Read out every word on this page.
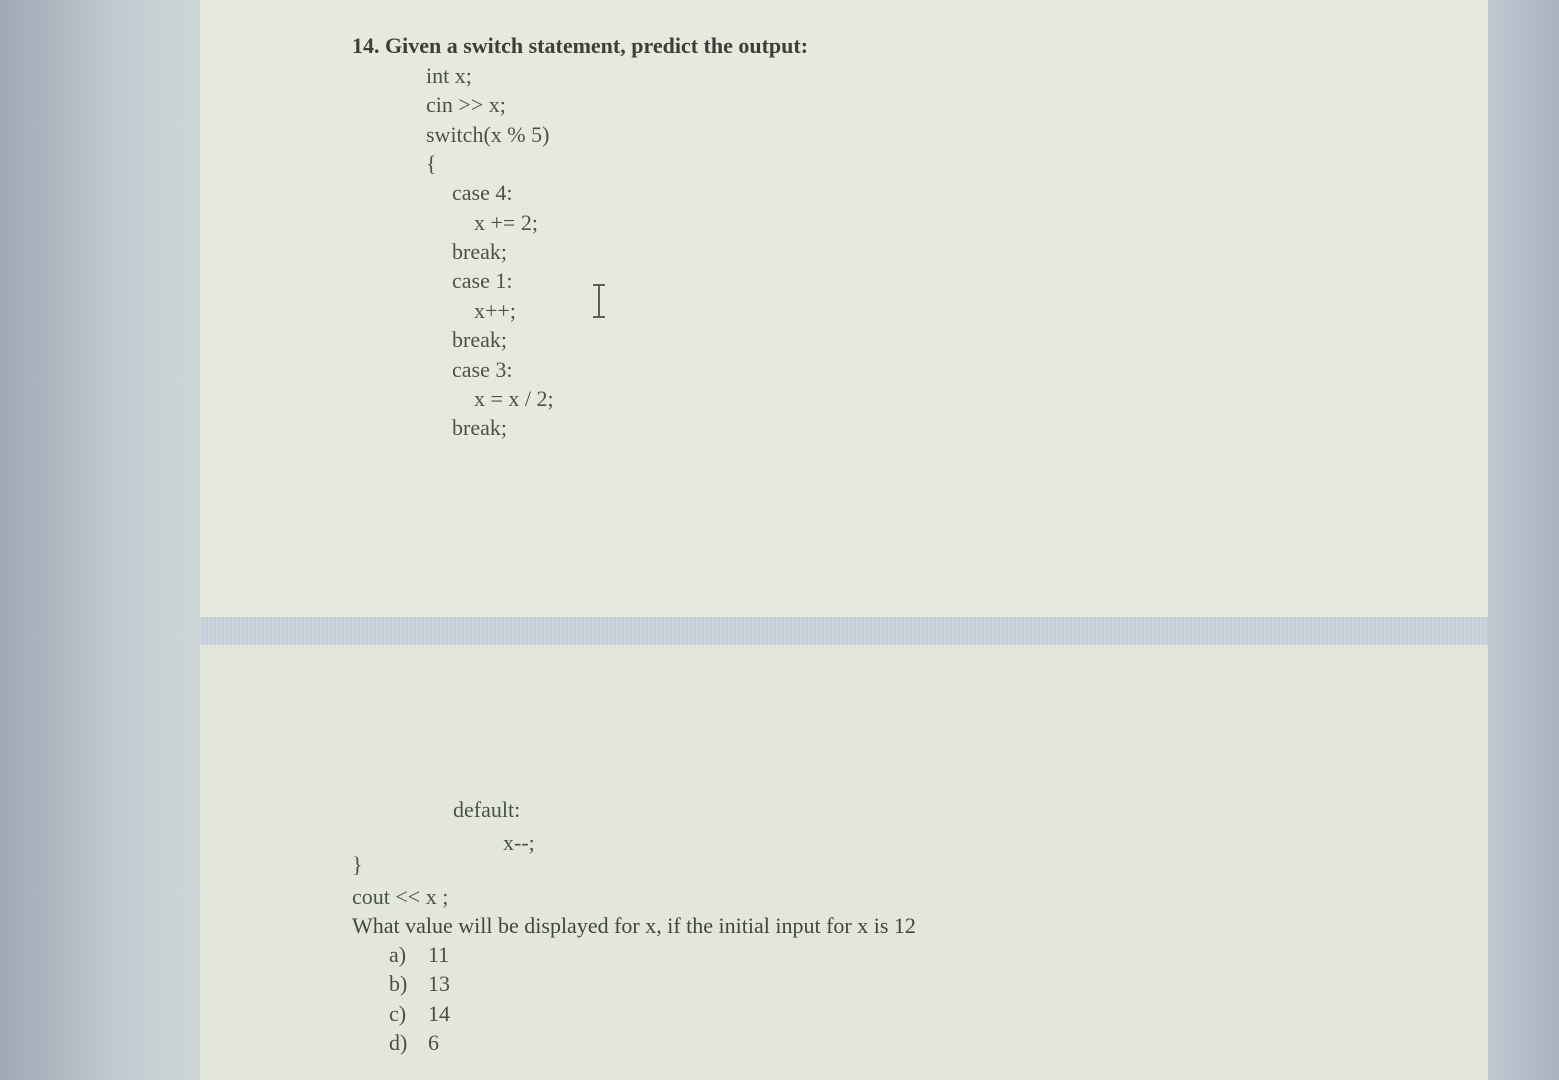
14. Given a switch statement, predict the output:
int x;
cin >> x;
switch(x % 5)
{
case 4:
x += 2;
break;
case 1:
x++;
break;
case 3:
x = x / 2;
break;
default:
x--;
}
cout << x ;
What value will be displayed for x, if the initial input for x is 12
a) 11
b) 13
c) 14
d) 6
